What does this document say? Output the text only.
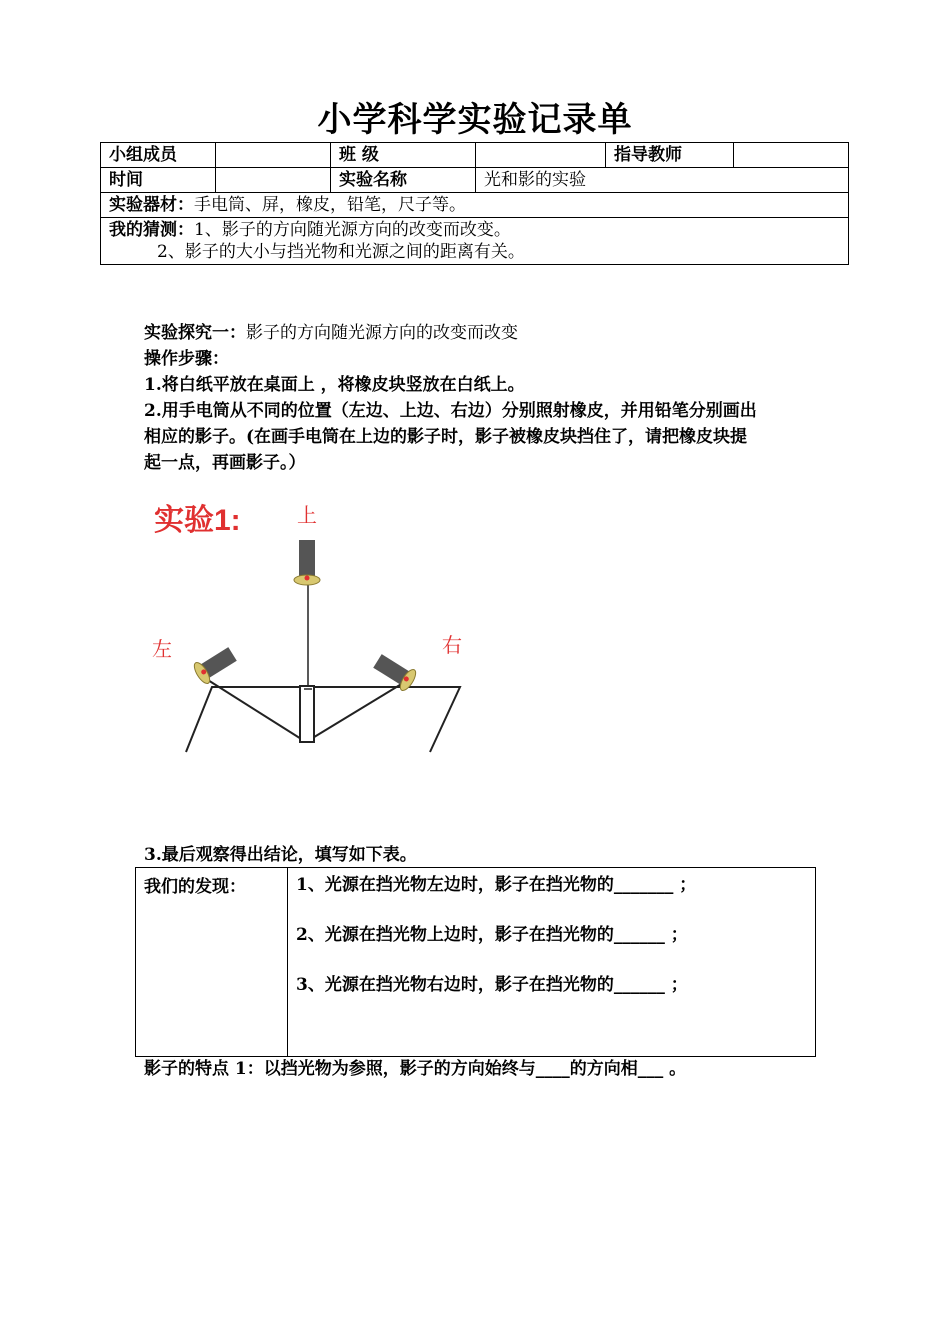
小学科学实验记录单
小组成员		班 级		指导教师	
时间		实验名称	光和影的实验		
实验器材：手电筒、屏，橡皮，铅笔，尺子等。					

我的猜测：1、影子的方向随光源方向的改变而改变。
2、影子的大小与挡光物和光源之间的距离有关。					
实验探究一：影子的方向随光源方向的改变而改变
操作步骤：
1.将白纸平放在桌面上 ，将橡皮块竖放在白纸上。
2.用手电筒从不同的位置（左边、上边、右边）分别照射橡皮，并用铅笔分别画出
相应的影子。(在画手电筒在上边的影子时，影子被橡皮块挡住了，请把橡皮块提
起一点，再画影子。）
实验1:	上
左	右
3.最后观察得出结论，填写如下表。
我们的发现：	1、光源在挡光物左边时，影子在挡光物的_______ ；
2、光源在挡光物上边时，影子在挡光物的______ ；
3、光源在挡光物右边时，影子在挡光物的______ ；
影子的特点 1：以挡光物为参照，影子的方向始终与____的方向相___ 。
